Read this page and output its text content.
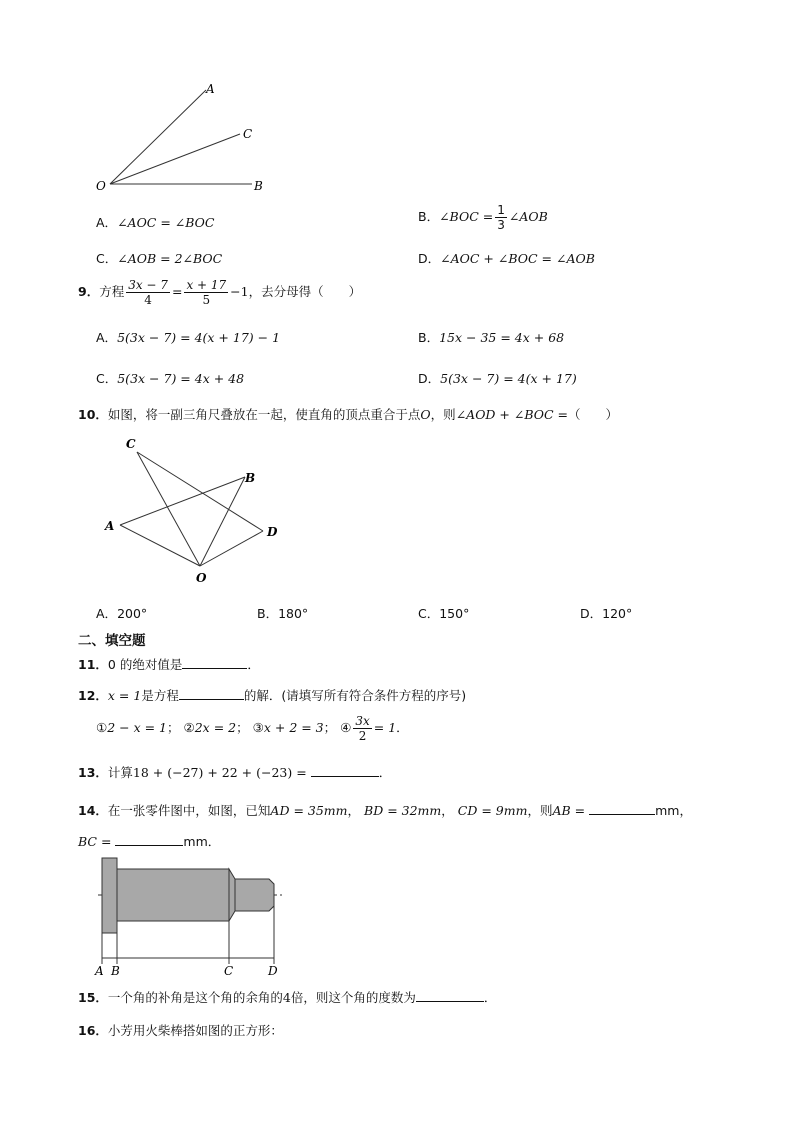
A
C
O	B
A．∠AOC = ∠BOC	B．∠BOC = $\frac{1}{3}$ ∠AOB
C．∠AOB = 2∠BOC	D．∠AOC + ∠BOC = ∠AOB
9．方程 $\frac{3x - 7}{4} = \frac{x + 17}{5} -1$，去分母得（　　）
A．5(3x − 7) = 4(x + 17) − 1	B．15x − 35 = 4x + 68
C．5(3x − 7) = 4x + 48	D．5(3x − 7) = 4(x + 17)
10．如图，将一副三角尺叠放在一起，使直角的顶点重合于点O，则∠AOD + ∠BOC =（　　）
C
B
A	D
O
A．200°	B．180°	C．150°	D．120°
二、填空题
11．0 的绝对值是	．
12．x = 1是方程	的解．(请填写所有符合条件方程的序号)
①2 − x = 1； ②2x = 2； ③x + 2 = 3； ④ $\frac{3x}{2} = 1$．
13．计算18 + (−27) + 22 + (−23) =	．
14．在一张零件图中，如图，已知AD = 35mm， BD = 32mm， CD = 9mm，则AB =	mm，
BC =	mm．
A B	C	D
15．一个角的补角是这个角的余角的4倍，则这个角的度数为	．
16．小芳用火柴棒搭如图的正方形：
